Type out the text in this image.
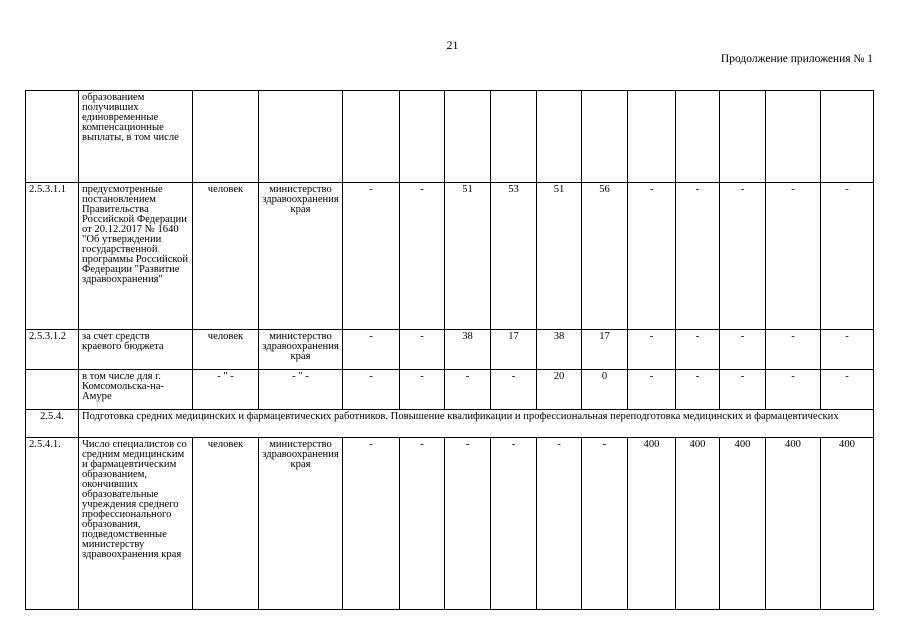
21
Продолжение приложения № 1
	образованием получивших единовременные компенсационные выплаты, в том числе													
2.5.3.1.1	предусмотренные постановлением Правительства Российской Федерации от 20.12.2017 № 1640 "Об утверждении государственной программы Российской Федерации "Развитие здравоохранения"	человек	министерство здравоохранения края	-	-	51	53	51	56	-	-	-	-	-
2.5.3.1.2	за счет средств краевого бюджета	человек	министерство здравоохранения края	-	-	38	17	38	17	-	-	-	-	-
	в том числе для г. Комсомольска-на-Амуре	- " -	- " -	-	-	-	-	20	0	-	-	-	-	-
2.5.4.	Подготовка средних медицинских и фармацевтических работников. Повышение квалификации и профессиональная переподготовка медицинских и фармацевтических													
2.5.4.1.	Число специалистов со средним медицинским и фармацевтическим образованием, окончивших образовательные учреждения среднего профессионального образования, подведомственные министерству здравоохранения края	человек	министерство здравоохранения края	-	-	-	-	-	-	400	400	400	400	400
